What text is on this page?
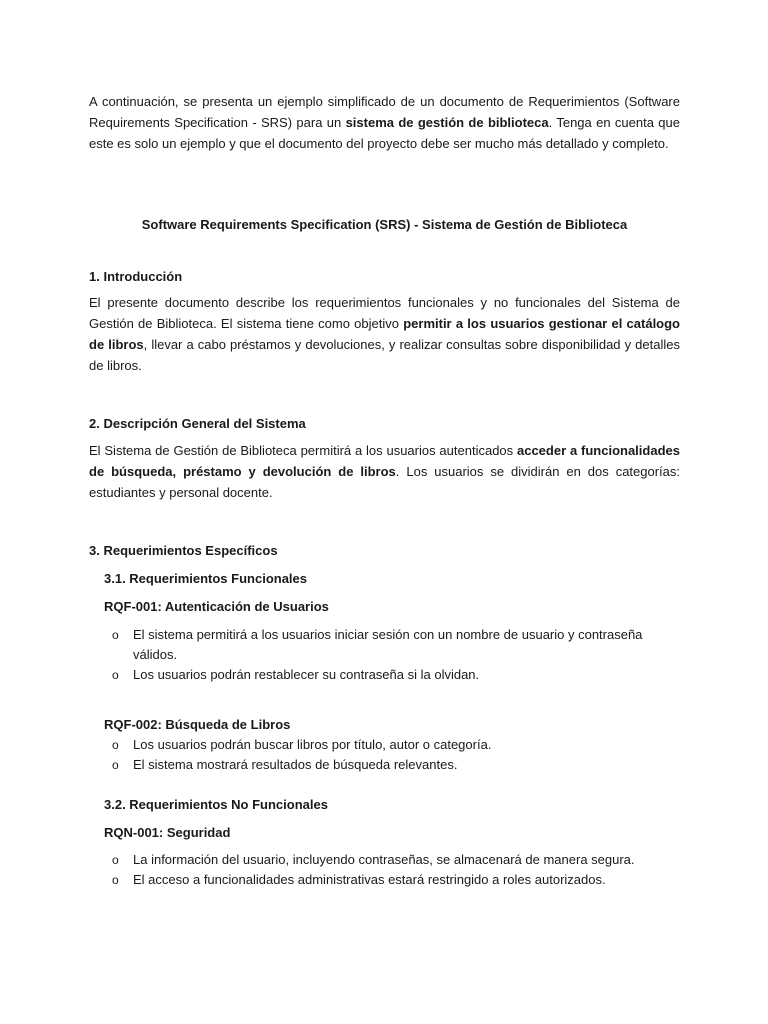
A continuación, se presenta un ejemplo simplificado de un documento de Requerimientos (Software Requirements Specification - SRS) para un sistema de gestión de biblioteca. Tenga en cuenta que este es solo un ejemplo y que el documento del proyecto debe ser mucho más detallado y completo.

Software Requirements Specification (SRS) - Sistema de Gestión de Biblioteca

1. Introducción

El presente documento describe los requerimientos funcionales y no funcionales del Sistema de Gestión de Biblioteca. El sistema tiene como objetivo permitir a los usuarios gestionar el catálogo de libros, llevar a cabo préstamos y devoluciones, y realizar consultas sobre disponibilidad y detalles de libros.

2. Descripción General del Sistema

El Sistema de Gestión de Biblioteca permitirá a los usuarios autenticados acceder a funcionalidades de búsqueda, préstamo y devolución de libros. Los usuarios se dividirán en dos categorías: estudiantes y personal docente.

3. Requerimientos Específicos

3.1. Requerimientos Funcionales

RQF-001: Autenticación de Usuarios

o El sistema permitirá a los usuarios iniciar sesión con un nombre de usuario y contraseña válidos.
o Los usuarios podrán restablecer su contraseña si la olvidan.

RQF-002: Búsqueda de Libros

o Los usuarios podrán buscar libros por título, autor o categoría.
o El sistema mostrará resultados de búsqueda relevantes.

3.2. Requerimientos No Funcionales

RQN-001: Seguridad

o La información del usuario, incluyendo contraseñas, se almacenará de manera segura.
o El acceso a funcionalidades administrativas estará restringido a roles autorizados.
